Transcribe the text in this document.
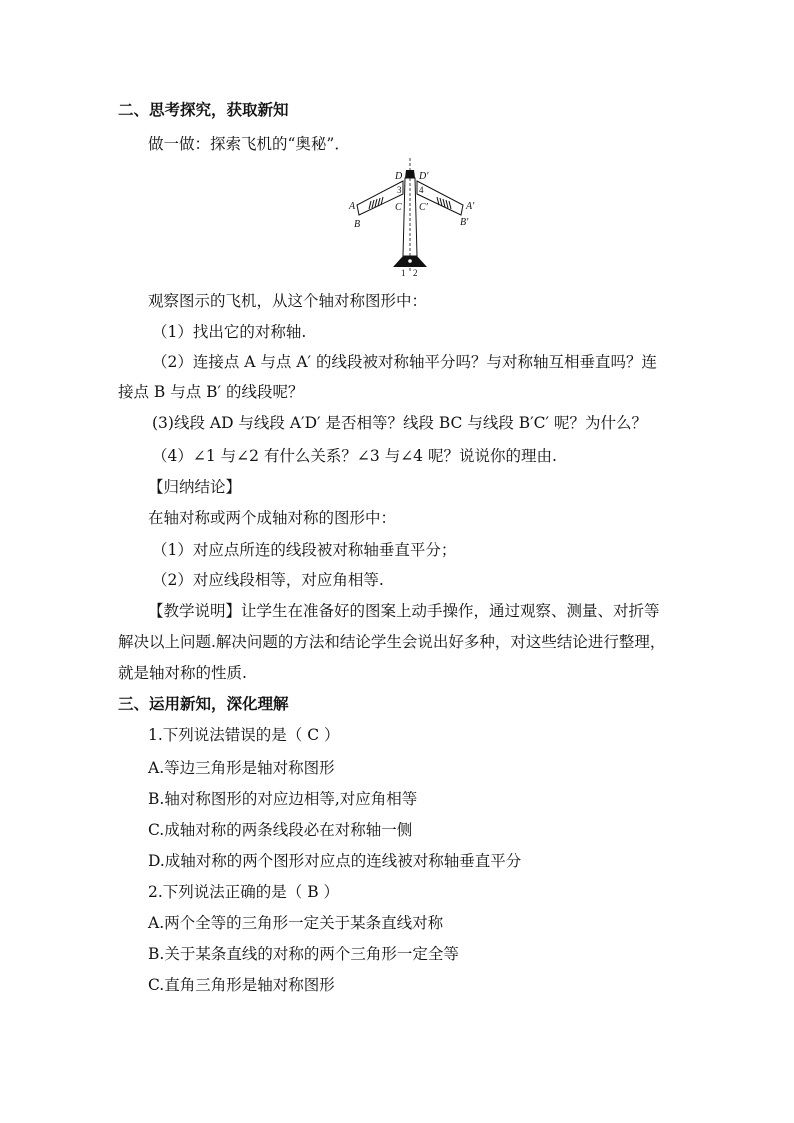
二、思考探究，获取新知
做一做：探索飞机的“奥秘”．
D D′
3 4
A	A′
C C′
B	B′
1 2
观察图示的飞机，从这个轴对称图形中：
（1）找出它的对称轴.
（2）连接点 A 与点 A′ 的线段被对称轴平分吗？与对称轴互相垂直吗？连
接点 B 与点 B′ 的线段呢？
(3)线段 AD 与线段 A′D′ 是否相等？线段 BC 与线段 B′C′ 呢？为什么？
（4）∠1 与∠2 有什么关系？∠3 与∠4 呢？说说你的理由.
【归纳结论】
在轴对称或两个成轴对称的图形中：
（1）对应点所连的线段被对称轴垂直平分；
（2）对应线段相等，对应角相等.
【教学说明】让学生在准备好的图案上动手操作，通过观察、测量、对折等
解决以上问题.解决问题的方法和结论学生会说出好多种，对这些结论进行整理，
就是轴对称的性质.
三、运用新知，深化理解
1.下列说法错误的是（ C ）
A.等边三角形是轴对称图形
B.轴对称图形的对应边相等,对应角相等
C.成轴对称的两条线段必在对称轴一侧
D.成轴对称的两个图形对应点的连线被对称轴垂直平分
2.下列说法正确的是（ B ）
A.两个全等的三角形一定关于某条直线对称
B.关于某条直线的对称的两个三角形一定全等
C.直角三角形是轴对称图形
